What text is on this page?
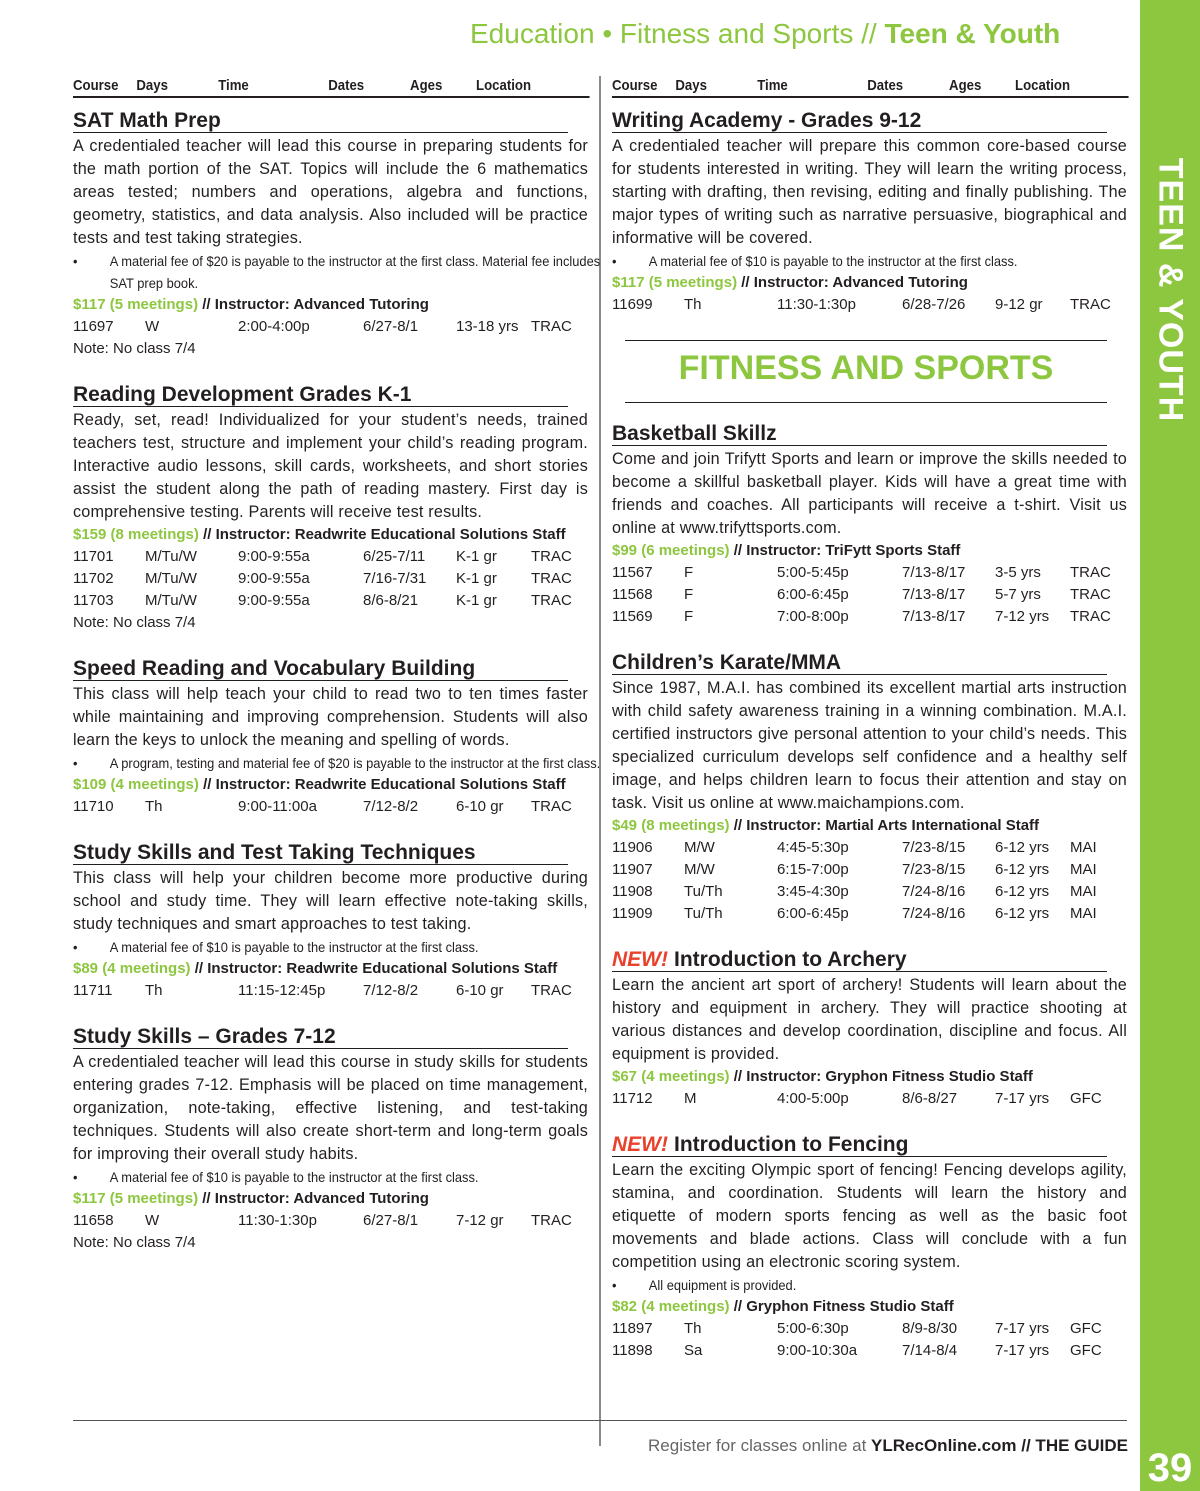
Education • Fitness and Sports // Teen & Youth
TEEN & YOUTH
39
Course Days	Time	Dates	Ages Location
SAT Math Prep
A credentialed teacher will lead this course in preparing students for the math portion of the SAT. Topics will include the 6 mathematics areas tested; numbers and operations, algebra and functions, geometry, statistics, and data analysis. Also included will be practice tests and test taking strategies.
• A material fee of $20 is payable to the instructor at the first class. Material fee includes SAT prep book.
$117 (5 meetings) // Instructor: Advanced Tutoring
11697 W	2:00-4:00p	6/27-8/1	13-18 yrs TRAC
Note: No class 7/4
Reading Development Grades K-1
Ready, set, read! Individualized for your student’s needs, trained teachers test, structure and implement your child’s reading program. Interactive audio lessons, skill cards, worksheets, and short stories assist the student along the path of reading mastery. First day is comprehensive testing. Parents will receive test results.
$159 (8 meetings) // Instructor: Readwrite Educational Solutions Staff
11701 M/Tu/W	9:00-9:55a	6/25-7/11 K-1 gr TRAC
11702 M/Tu/W	9:00-9:55a	7/16-7/31 K-1 gr TRAC
11703 M/Tu/W	9:00-9:55a	8/6-8/21	K-1 gr TRAC
Note: No class 7/4
Speed Reading and Vocabulary Building
This class will help teach your child to read two to ten times faster while maintaining and improving comprehension. Students will also learn the keys to unlock the meaning and spelling of words.
• A program, testing and material fee of $20 is payable to the instructor at the first class.
$109 (4 meetings) // Instructor: Readwrite Educational Solutions Staff
11710 Th	9:00-11:00a	7/12-8/2	6-10 gr TRAC
Study Skills and Test Taking Techniques
This class will help your children become more productive during school and study time. They will learn effective note-taking skills, study techniques and smart approaches to test taking.
• A material fee of $10 is payable to the instructor at the first class.
$89 (4 meetings) // Instructor: Readwrite Educational Solutions Staff
11711 Th	11:15-12:45p	7/12-8/2	6-10 gr TRAC
Study Skills – Grades 7-12
A credentialed teacher will lead this course in study skills for students entering grades 7-12. Emphasis will be placed on time management, organization, note-taking, effective listening, and test-taking techniques. Students will also create short-term and long-term goals for improving their overall study habits.
• A material fee of $10 is payable to the instructor at the first class.
$117 (5 meetings) // Instructor: Advanced Tutoring
11658 W	11:30-1:30p	6/27-8/1	7-12 gr TRAC
Note: No class 7/4
Course Days	Time	Dates	Ages Location
Writing Academy - Grades 9-12
A credentialed teacher will prepare this common core-based course for students interested in writing. They will learn the writing process, starting with drafting, then revising, editing and finally publishing. The major types of writing such as narrative persuasive, biographical and informative will be covered.
• A material fee of $10 is payable to the instructor at the first class.
$117 (5 meetings) // Instructor: Advanced Tutoring
11699 Th	11:30-1:30p	6/28-7/26 9-12 gr TRAC
FITNESS AND SPORTS
Basketball Skillz
Come and join Trifytt Sports and learn or improve the skills needed to become a skillful basketball player. Kids will have a great time with friends and coaches. All participants will receive a t-shirt. Visit us online at www.trifyttsports.com.
$99 (6 meetings) // Instructor: TriFytt Sports Staff
11567 F	5:00-5:45p	7/13-8/17 3-5 yrs TRAC
11568 F	6:00-6:45p	7/13-8/17 5-7 yrs TRAC
11569 F	7:00-8:00p	7/13-8/17 7-12 yrs TRAC
Children’s Karate/MMA
Since 1987, M.A.I. has combined its excellent martial arts instruction with child safety awareness training in a winning combination. M.A.I. certified instructors give personal attention to your child’s needs. This specialized curriculum develops self confidence and a healthy self image, and helps children learn to focus their attention and stay on task. Visit us online at www.maichampions.com.
$49 (8 meetings) // Instructor: Martial Arts International Staff
11906 M/W	4:45-5:30p	7/23-8/15 6-12 yrs MAI
11907 M/W	6:15-7:00p	7/23-8/15 6-12 yrs MAI
11908 Tu/Th	3:45-4:30p	7/24-8/16 6-12 yrs MAI
11909 Tu/Th	6:00-6:45p	7/24-8/16 6-12 yrs MAI
NEW! Introduction to Archery
Learn the ancient art sport of archery! Students will learn about the history and equipment in archery. They will practice shooting at various distances and develop coordination, discipline and focus. All equipment is provided.
$67 (4 meetings) // Instructor: Gryphon Fitness Studio Staff
11712 M	4:00-5:00p	8/6-8/27	7-17 yrs GFC
NEW! Introduction to Fencing
Learn the exciting Olympic sport of fencing! Fencing develops agility, stamina, and coordination. Students will learn the history and etiquette of modern sports fencing as well as the basic foot movements and blade actions. Class will conclude with a fun competition using an electronic scoring system.
• All equipment is provided.
$82 (4 meetings) // Gryphon Fitness Studio Staff
11897 Th	5:00-6:30p	8/9-8/30	7-17 yrs GFC
11898 Sa	9:00-10:30a	7/14-8/4	7-17 yrs GFC
Register for classes online at YLRecOnline.com // THE GUIDE
